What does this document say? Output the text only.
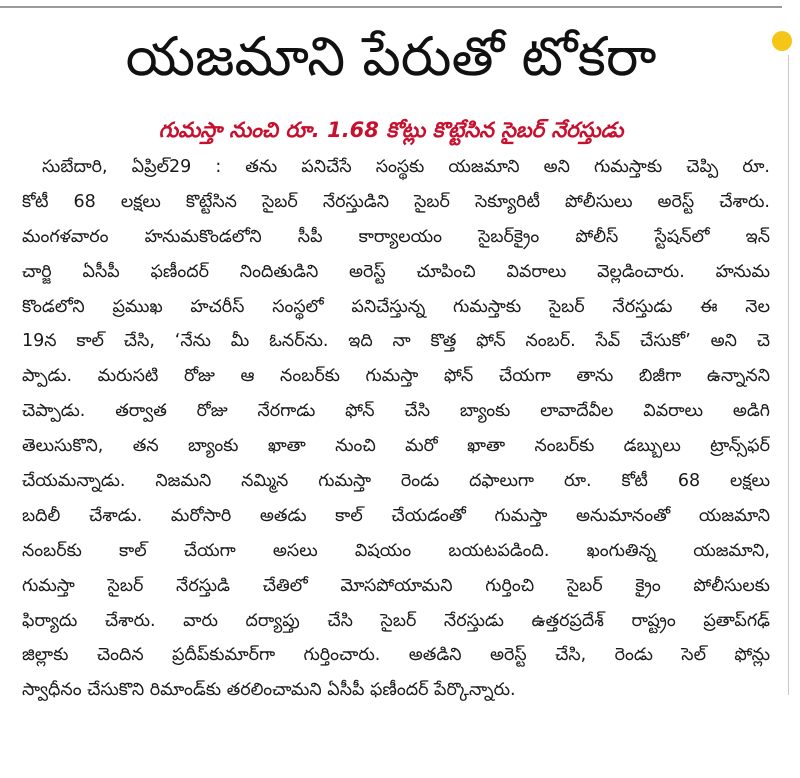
యజమాని పేరుతో టోకరా
గుమస్తా నుంచి రూ. 1.68 కోట్లు కొట్టేసిన సైబర్ నేరస్తుడు
సుబేదారి, ఏప్రిల్29 : తను పనిచేసే సంస్థకు యజమాని అని గుమస్తాకు చెప్పి రూ.
కోటీ 68 లక్షలు కొట్టేసిన సైబర్ నేరస్తుడిని సైబర్ సెక్యూరిటీ పోలీసులు అరెస్ట్ చేశారు.
మంగళవారం హనుమకొండలోని సీపీ కార్యాలయం సైబర్‌క్రైం పోలీస్ స్టేషన్‌లో ఇన్
చార్జి ఏసీపీ ఫణీందర్ నిందితుడిని అరెస్ట్ చూపించి వివరాలు వెల్లడించారు. హనుమ
కొండలోని ప్రముఖ హచరీస్ సంస్థలో పనిచేస్తున్న గుమస్తాకు సైబర్ నేరస్తుడు ఈ నెల
19న కాల్ చేసి, ‘నేను మీ ఓనర్‌ను. ఇది నా కొత్త ఫోన్ నంబర్. సేవ్ చేసుకో’ అని చె
ప్పాడు. మరుసటి రోజు ఆ నంబర్‌కు గుమస్తా ఫోన్ చేయగా తాను బిజీగా ఉన్నానని
చెప్పాడు. తర్వాత రోజు నేరగాడు ఫోన్ చేసి బ్యాంకు లావాదేవీల వివరాలు అడిగి
తెలుసుకొని, తన బ్యాంకు ఖాతా నుంచి మరో ఖాతా నంబర్‌కు డబ్బులు ట్రాన్స్‌ఫర్
చేయమన్నాడు. నిజమని నమ్మిన గుమస్తా రెండు దఫాలుగా రూ. కోటీ 68 లక్షలు
బదిలీ చేశాడు. మరోసారి అతడు కాల్ చేయడంతో గుమస్తా అనుమానంతో యజమాని
నంబర్‌కు కాల్ చేయగా అసలు విషయం బయటపడింది. ఖంగుతిన్న యజమాని,
గుమస్తా సైబర్ నేరస్తుడి చేతిలో మోసపోయామని గుర్తించి సైబర్ క్రైం పోలీసులకు
ఫిర్యాదు చేశారు. వారు దర్యాప్తు చేసి సైబర్ నేరస్తుడు ఉత్తరప్రదేశ్ రాష్ట్రం ప్రతాప్‌గఢ్
జిల్లాకు చెందిన ప్రదీప్‌కుమార్‌గా గుర్తించారు. అతడిని అరెస్ట్ చేసి, రెండు సెల్ ఫోన్లు
స్వాధీనం చేసుకొని రిమాండ్‌కు తరలించామని ఏసీపీ ఫణీందర్ పేర్కొన్నారు.
